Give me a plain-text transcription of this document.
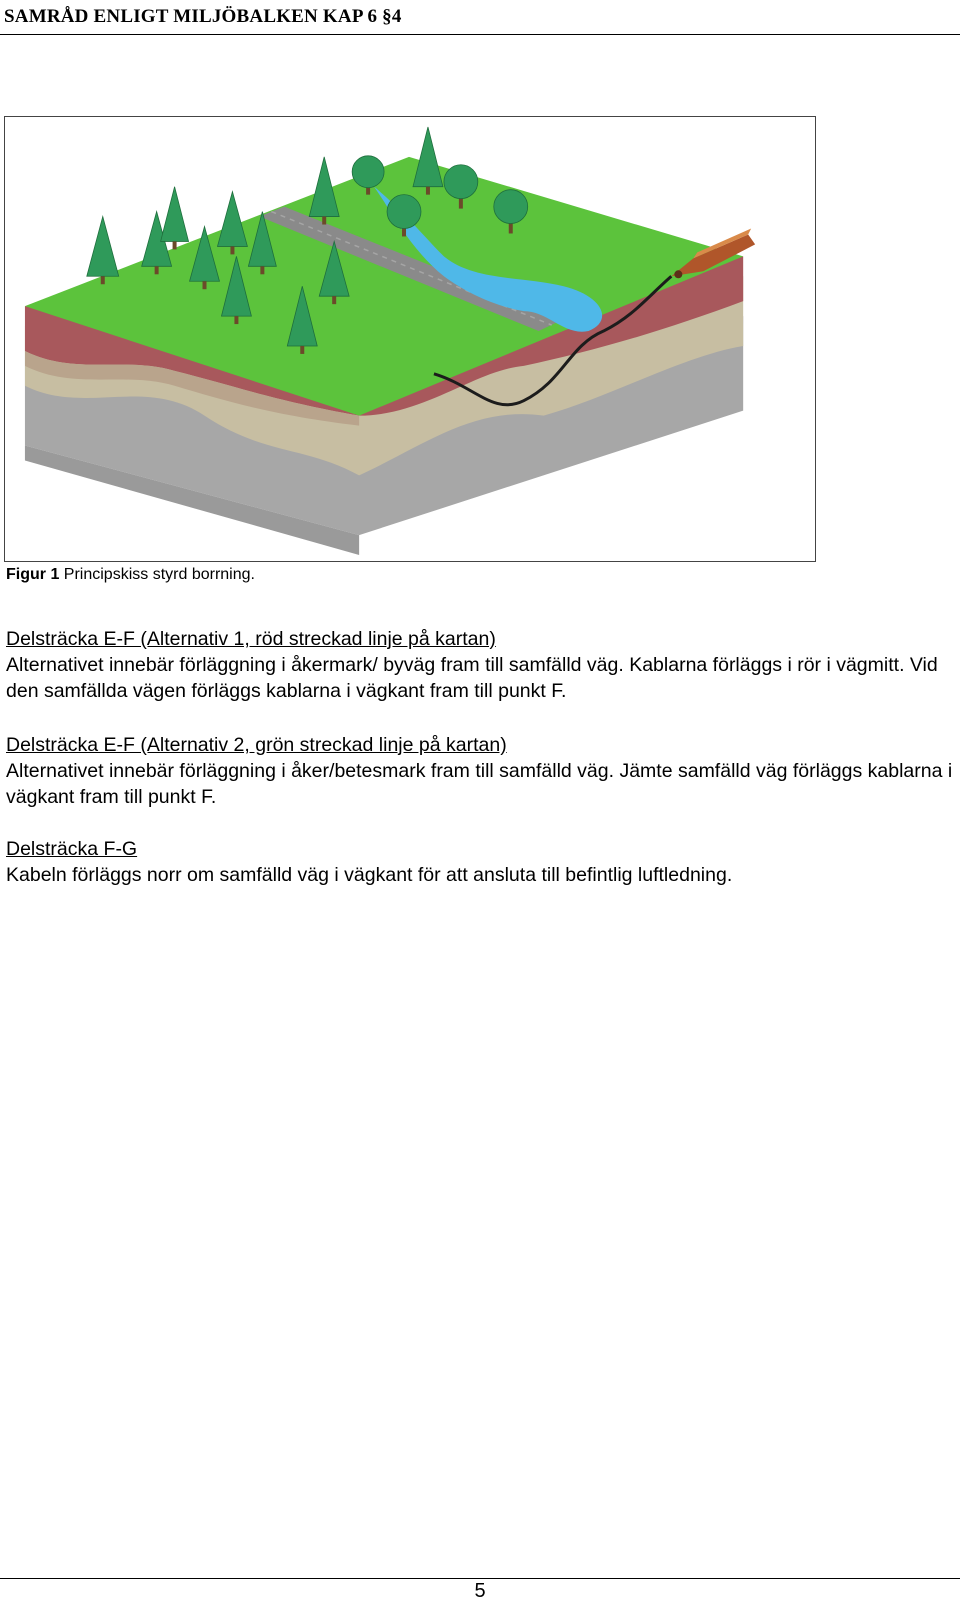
SAMRÅD ENLIGT MILJÖBALKEN KAP 6 §4
Figur 1 Principskiss styrd borrning.
Delsträcka E-F (Alternativ 1, röd streckad linje på kartan)
Alternativet innebär förläggning i åkermark/ byväg fram till samfälld väg. Kablarna förläggs i rör i vägmitt. Vid den samfällda vägen förläggs kablarna i vägkant fram till punkt F.
Delsträcka E-F (Alternativ 2, grön streckad linje på kartan)
Alternativet innebär förläggning i åker/betesmark fram till samfälld väg. Jämte samfälld väg förläggs kablarna i vägkant fram till punkt F.
Delsträcka F-G
Kabeln förläggs norr om samfälld väg i vägkant för att ansluta till befintlig luftledning.
5
